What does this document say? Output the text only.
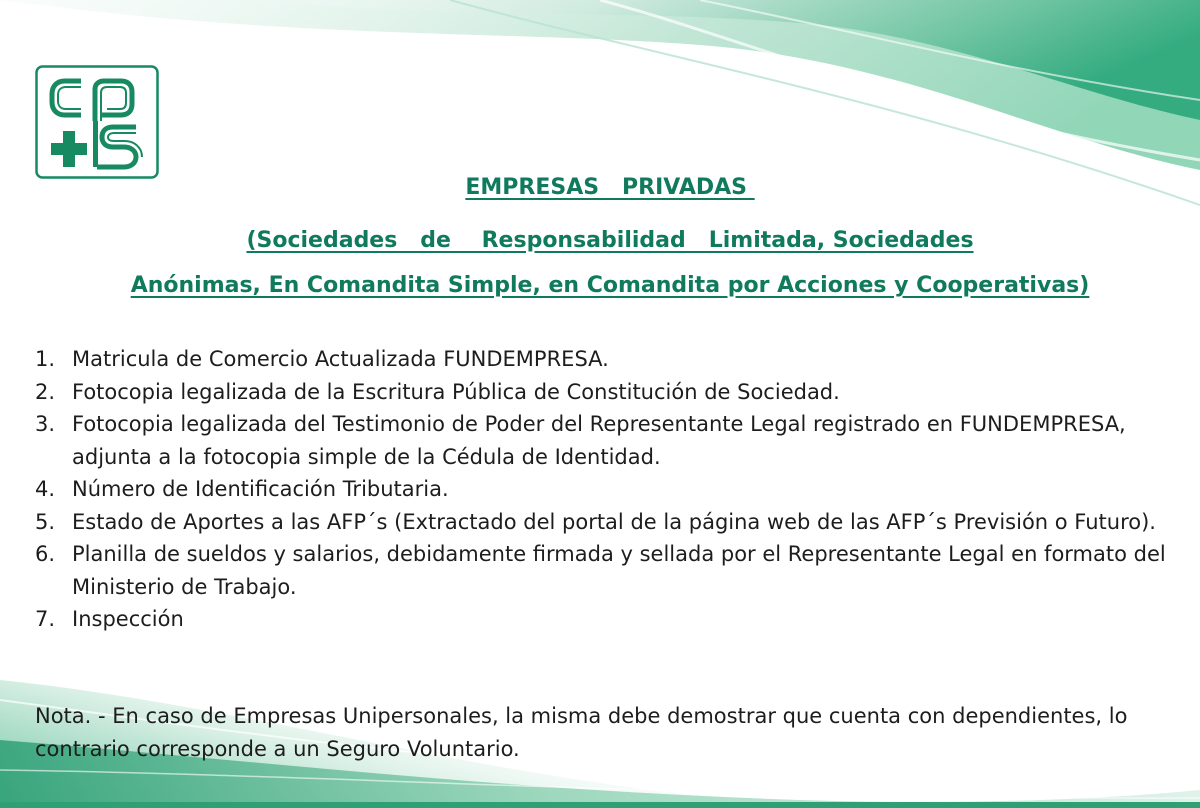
EMPRESAS   PRIVADAS
(Sociedades   de    Responsabilidad   Limitada, Sociedades
Anónimas, En Comandita Simple, en Comandita por Acciones y Cooperativas)
1. Matricula de Comercio Actualizada FUNDEMPRESA.
2. Fotocopia legalizada de la Escritura Pública de Constitución de Sociedad.
3. Fotocopia legalizada del Testimonio de Poder del Representante Legal registrado en FUNDEMPRESA, adjunta a la fotocopia simple de la Cédula de Identidad.
4. Número de Identificación Tributaria.
5. Estado de Aportes a las AFP´s (Extractado del portal de la página web de las AFP´s Previsión o Futuro).
6. Planilla de sueldos y salarios, debidamente firmada y sellada por el Representante Legal en formato del Ministerio de Trabajo.
7. Inspección
Nota. - En caso de Empresas Unipersonales, la misma debe demostrar que cuenta con dependientes, lo contrario corresponde a un Seguro Voluntario.
